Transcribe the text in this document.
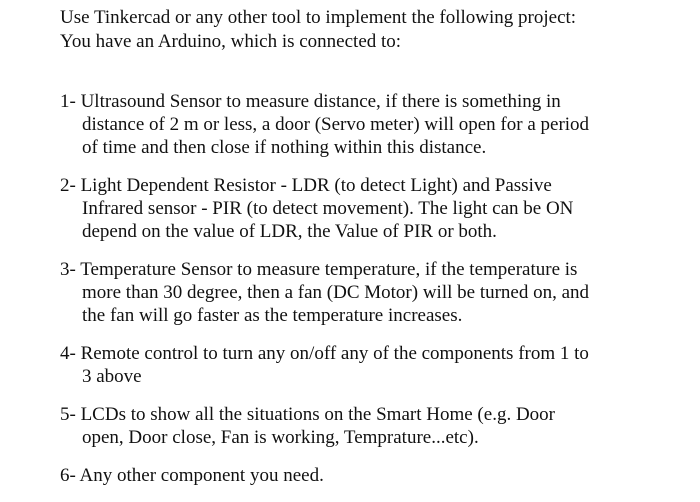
Use Tinkercad or any other tool to implement the following project:
You have an Arduino, which is connected to:

1- Ultrasound Sensor to measure distance, if there is something in
distance of 2 m or less, a door (Servo meter) will open for a period
of time and then close if nothing within this distance.
2- Light Dependent Resistor - LDR (to detect Light) and Passive
Infrared sensor - PIR (to detect movement). The light can be ON
depend on the value of LDR, the Value of PIR or both.
3- Temperature Sensor to measure temperature, if the temperature is
more than 30 degree, then a fan (DC Motor) will be turned on, and
the fan will go faster as the temperature increases.
4- Remote control to turn any on/off any of the components from 1 to
3 above
5- LCDs to show all the situations on the Smart Home (e.g. Door
open, Door close, Fan is working, Temprature...etc).
6- Any other component you need.
